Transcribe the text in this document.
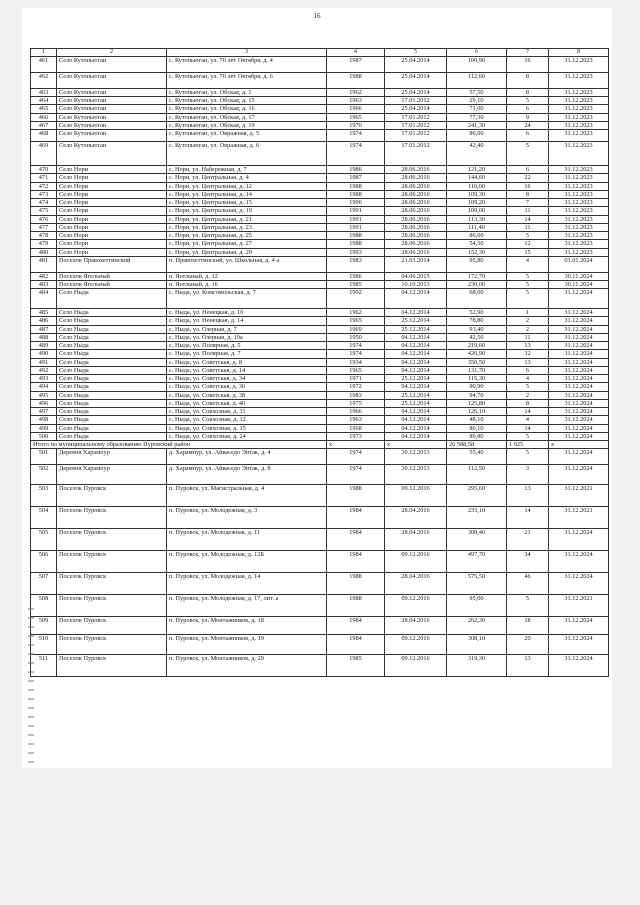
16
1	2	3	4	5	6	7	8
461	Село Кутопьюган	с. Кутопьюган, ул. 70 лет Октября, д. 4	1987	25.04.2014	100,90	16	31.12.2023
462	Село Кутопьюган	с. Кутопьюган, ул. 70 лет Октября, д. 6	1988	25.04.2014	112,60	8	31.12.2023
463	Село Кутопьюган	с. Кутопьюган, ул. Обская, д. 1	1962	25.04.2014	57,50	8	31.12.2023
464	Село Кутопьюган	с. Кутопьюган, ул. Обская, д. 15	1963	17.01.2012	29,10	5	31.12.2023
465	Село Кутопьюган	с. Кутопьюган, ул. Обская, д. 16	1966	25.04.2014	71,60	6	31.12.2023
466	Село Кутопьюган	с. Кутопьюган, ул. Обская, д. 17	1965	17.01.2012	77,30	9	31.12.2023
467	Село Кутопьюган	с. Кутопьюган, ул. Обская, д. 19	1970	17.01.2012	241,30	24	31.12.2023
468	Село Кутопьюган	с. Кутопьюган, ул. Овражная, д. 5	1974	17.01.2012	86,00	6	31.12.2023
469	Село Кутопьюган	с. Кутопьюган, ул. Овражная, д. 6	1974	17.01.2012	42,40	5	31.12.2023
470	Село Нори	с. Нори, ул. Набережная, д. 7	1986	28.06.2016	121,20	6	31.12.2023
471	Село Нори	с. Нори, ул. Центральная, д. 4	1987	28.06.2016	144,60	22	31.12.2023
472	Село Нори	с. Нори, ул. Центральная, д. 12	1988	28.06.2016	110,00	16	31.12.2023
473	Село Нори	с. Нори, ул. Центральная, д. 14	1988	28.06.2016	109,30	8	31.12.2023
474	Село Нори	с. Нори, ул. Центральная, д. 15	1990	28.06.2016	109,20	7	31.12.2023
475	Село Нори	с. Нори, ул. Центральная, д. 19	1991	28.06.2016	109,00	11	31.12.2023
476	Село Нори	с. Нори, ул. Центральная, д. 21	1991	28.06.2016	113,30	14	31.12.2023
477	Село Нори	с. Нори, ул. Центральная, д. 23	1991	28.06.2016	111,40	11	31.12.2023
478	Село Нори	с. Нори, ул. Центральная, д. 25	1988	28.06.2016	86,00	5	31.12.2023
479	Село Нори	с. Нори, ул. Центральная, д. 27	1988	28.06.2016	54,50	12	31.12.2023
480	Село Нори	с. Нори, ул. Центральная, д. 29	1993	28.06.2016	152,30	15	31.12.2023
481	Поселок Правохеттинский	п. Правохеттинский, ул. Школьная, д. 4 а	1983	21.03.2014	95,80	4	01.01.2024
482	Поселок Ягельный	п. Ягельный, д. 12	1986	04.06.2015	172,70	5	30.11.2024
483	Поселок Ягельный	п. Ягельный, д. 16	1985	10.10.2013	230,00	5	30.11.2024
484	Село Ныда	с. Ныда, ул. Комсомольская, д. 7	1992	04.12.2014	68,00	5	31.12.2024
485	Село Ныда	с. Ныда, ул. Ненецкая, д. 10	1962	04.12.2014	52,90	1	31.12.2024
486	Село Ныда	с. Ныда, ул. Ненецкая, д. 14	1965	25.12.2014	78,80	2	31.12.2024
487	Село Ныда	с. Ныда, ул. Озерная, д. 7	1969	25.12.2014	93,40	2	31.12.2024
488	Село Ныда	с. Ныда, ул. Озерная, д. 19а	1950	04.12.2014	42,50	11	31.12.2024
489	Село Ныда	с. Ныда, ул. Полярная, д. 5	1974	04.12.2014	219,60	13	31.12.2024
490	Село Ныда	с. Ныда, ул. Полярная, д. 7	1974	04.12.2014	426,90	32	31.12.2024
491	Село Ныда	с. Ныда, ул. Советская, д. 8	1934	04.12.2014	350,50	13	31.12.2024
492	Село Ныда	с. Ныда, ул. Советская, д. 14	1965	04.12.2014	131,70	6	31.12.2024
493	Село Ныда	с. Ныда, ул. Советская, д. 34	1971	25.12.2014	115,30	4	31.12.2024
494	Село Ныда	с. Ныда, ул. Советская, д. 36	1972	04.12.2014	90,90	5	31.12.2024
495	Село Ныда	с. Ныда, ул. Советская, д. 38	1983	25.12.2014	94,70	2	31.12.2024
496	Село Ныда	с. Ныда, ул. Советская, д. 40	1975	25.12.2014	125,80	8	31.12.2024
497	Село Ныда	с. Ныда, ул. Совхозная, д. 11	1966	04.12.2014	126,10	14	31.12.2024
498	Село Ныда	с. Ныда, ул. Совхозная, д. 12	1963	04.12.2014	48,10	4	31.12.2024
499	Село Ныда	с. Ныда, ул. Совхозная, д. 15	1968	04.12.2014	80,10	14	31.12.2024
500	Село Ныда	с. Ныда, ул. Совхозная, д. 24	1973	04.12.2014	89,80	5	31.12.2024
Итого по муниципальному образованию Пуровский район			х	х	26 588,58	1 925	х
501	Деревня Харампур	д. Харампур, ул. Айваседо Энтак, д. 4	1974	30.12.2013	55,40	5	31.12.2024
502	Деревня Харампур	д. Харампур, ул. Айваседо Энтак, д. 8	1974	30.12.2013	112,50	3	31.12.2024
503	Поселок Пуровск	п. Пуровск, ул. Магистральная, д. 4	1988	09.12.2016	295,60	13	31.12.2021
504	Поселок Пуровск	п. Пуровск, ул. Молодежная, д. 3	1984	28.04.2016	233,10	14	31.12.2021
505	Поселок Пуровск	п. Пуровск, ул. Молодежная, д. 11	1984	28.04.2016	308,40	21	31.12.2024
506	Поселок Пуровск	п. Пуровск, ул. Молодежная, д. 12Б	1984	09.12.2016	497,70	34	31.12.2024
507	Поселок Пуровск	п. Пуровск, ул. Молодежная, д. 14	1988	28.04.2016	575,50	46	31.12.2024
508	Поселок Пуровск	п. Пуровск, ул. Молодежная, д. 17, лит. а	1988	09.12.2016	95,00	5	31.12.2021
509	Поселок Пуровск	п. Пуровск, ул. Монтажников, д. 18	1984	28.04.2016	262,30	18	31.12.2024
510	Поселок Пуровск	п. Пуровск, ул. Монтажников, д. 19	1984	09.12.2016	308,10	20	31.12.2024
511	Поселок Пуровск	п. Пуровск, ул. Монтажников, д. 29	1985	09.12.2016	319,30	13	31.12.2024
